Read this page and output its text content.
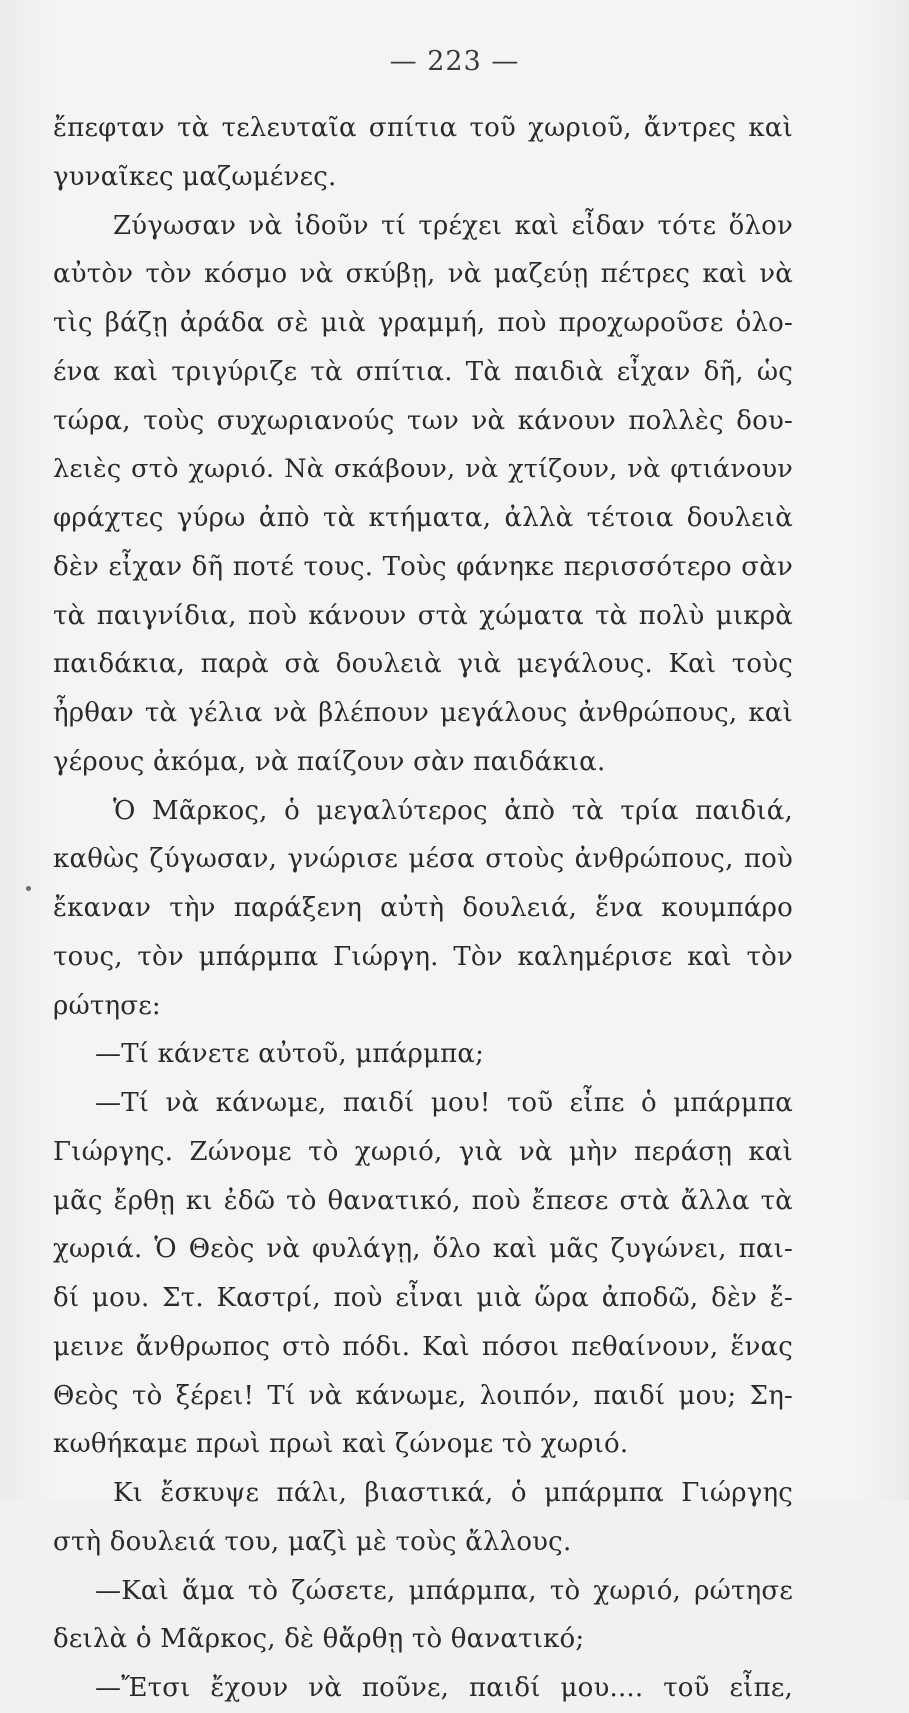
— 223 —
ἔπεφταν τὰ τελευταῖα σπίτια τοῦ χωριοῦ, ἄντρες καὶ
γυναῖκες μαζωμένες.
Ζύγωσαν νὰ ἰδοῦν τί τρέχει καὶ εἶδαν τότε ὅλον
αὐτὸν τὸν κόσμο νὰ σκύβῃ, νὰ μαζεύῃ πέτρες καὶ νὰ
τὶς βάζῃ ἀράδα σὲ μιὰ γραμμή, ποὺ προχωροῦσε ὁλο-
ένα καὶ τριγύριζε τὰ σπίτια. Τὰ παιδιὰ εἶχαν δῆ, ὡς
τώρα, τοὺς συχωριανούς των νὰ κάνουν πολλὲς δου-
λειὲς στὸ χωριό. Νὰ σκάβουν, νὰ χτίζουν, νὰ φτιάνουν
φράχτες γύρω ἀπὸ τὰ κτήματα, ἀλλὰ τέτοια δουλειὰ
δὲν εἶχαν δῆ ποτέ τους. Τοὺς φάνηκε περισσότερο σὰν
τὰ παιγνίδια, ποὺ κάνουν στὰ χώματα τὰ πολὺ μικρὰ
παιδάκια, παρὰ σὰ δουλειὰ γιὰ μεγάλους. Καὶ τοὺς
ἦρθαν τὰ γέλια νὰ βλέπουν μεγάλους ἀνθρώπους, καὶ
γέρους ἀκόμα, νὰ παίζουν σὰν παιδάκια.
Ὁ Μᾶρκος, ὁ μεγαλύτερος ἀπὸ τὰ τρία παιδιά,
καθὼς ζύγωσαν, γνώρισε μέσα στοὺς ἀνθρώπους, ποὺ
ἔκαναν τὴν παράξενη αὐτὴ δουλειά, ἕνα κουμπάρο
τους, τὸν μπάρμπα Γιώργη. Τὸν καλημέρισε καὶ τὸν
ρώτησε:
—Τί κάνετε αὐτοῦ, μπάρμπα;
—Τί νὰ κάνωμε, παιδί μου! τοῦ εἶπε ὁ μπάρμπα
Γιώργης. Ζώνομε τὸ χωριό, γιὰ νὰ μὴν περάσῃ καὶ
μᾶς ἔρθῃ κι ἐδῶ τὸ θανατικό, ποὺ ἔπεσε στὰ ἄλλα τὰ
χωριά. Ὁ Θεὸς νὰ φυλάγῃ, ὅλο καὶ μᾶς ζυγώνει, παι-
δί μου. Στ. Καστρί, ποὺ εἶναι μιὰ ὥρα ἀποδῶ, δὲν ἔ-
μεινε ἄνθρωπος στὸ πόδι. Καὶ πόσοι πεθαίνουν, ἕνας
Θεὸς τὸ ξέρει! Τί νὰ κάνωμε, λοιπόν, παιδί μου; Ση-
κωθήκαμε πρωὶ πρωὶ καὶ ζώνομε τὸ χωριό.
Κι ἔσκυψε πάλι, βιαστικά, ὁ μπάρμπα Γιώργης
στὴ δουλειά του, μαζὶ μὲ τοὺς ἄλλους.
—Καὶ ἅμα τὸ ζώσετε, μπάρμπα, τὸ χωριό, ρώτησε
δειλὰ ὁ Μᾶρκος, δὲ θἄρθῃ τὸ θανατικό;
—Ἔτσι ἔχουν νὰ ποῦνε, παιδί μου.... τοῦ εἶπε,
